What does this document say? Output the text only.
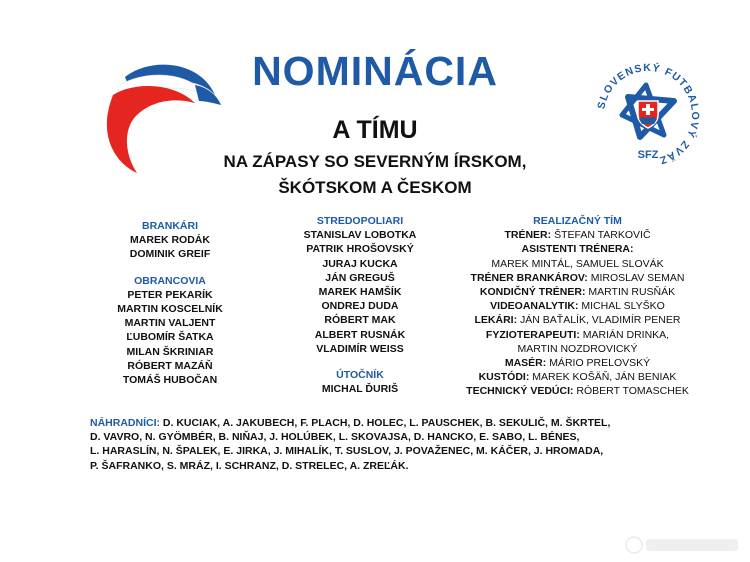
NOMINÁCIA
A TÍMU
NA ZÁPASY SO SEVERNÝM ÍRSKOM,
ŠKÓTSKOM A ČESKOM
SLOVENSKÝ FUTBALOVÝ ZVÄZ
SFZ
BRANKÁRI
MAREK RODÁK
DOMINIK GREIF
OBRANCOVIA
PETER PEKARÍK
MARTIN KOSCELNÍK
MARTIN VALJENT
ĽUBOMÍR ŠATKA
MILAN ŠKRINIAR
RÓBERT MAZÁŇ
TOMÁŠ HUBOČAN
STREDOPOLIARI
STANISLAV LOBOTKA
PATRIK HROŠOVSKÝ
JURAJ KUCKA
JÁN GREGUŠ
MAREK HAMŠÍK
ONDREJ DUDA
RÓBERT MAK
ALBERT RUSNÁK
VLADIMÍR WEISS
ÚTOČNÍK
MICHAL ĎURIŠ
REALIZAČNÝ TÍM
TRÉNER: ŠTEFAN TARKOVIČ
ASISTENTI TRÉNERA:
MAREK MINTÁL, SAMUEL SLOVÁK
TRÉNER BRANKÁROV: MIROSLAV SEMAN
KONDIČNÝ TRÉNER: MARTIN RUSŇÁK
VIDEOANALYTIK: MICHAL SLYŠKO
LEKÁRI: JÁN BAŤALÍK, VLADIMÍR PENER
FYZIOTERAPEUTI: MARIÁN DRINKA,
MARTIN NOZDROVICKÝ
MASÉR: MÁRIO PRELOVSKÝ
KUSTÓDI: MAREK KOŠÄŇ, JÁN BENIAK
TECHNICKÝ VEDÚCI: RÓBERT TOMASCHEK
NÁHRADNÍCI: D. KUCIAK, A. JAKUBECH, F. PLACH, D. HOLEC, L. PAUSCHEK, B. SEKULIČ, M. ŠKRTEL,
D. VAVRO, N. GYÖMBÉR, B. NIŇAJ, J. HOLÚBEK, L. SKOVAJSA, D. HANCKO, E. SABO, L. BÉNES,
L. HARASLÍN, N. ŠPALEK, E. JIRKA, J. MIHALÍK, T. SUSLOV, J. POVAŽENEC, M. KÁČER, J. HROMADA,
P. ŠAFRANKO, S. MRÁZ, I. SCHRANZ, D. STRELEC, A. ZREĽÁK.
